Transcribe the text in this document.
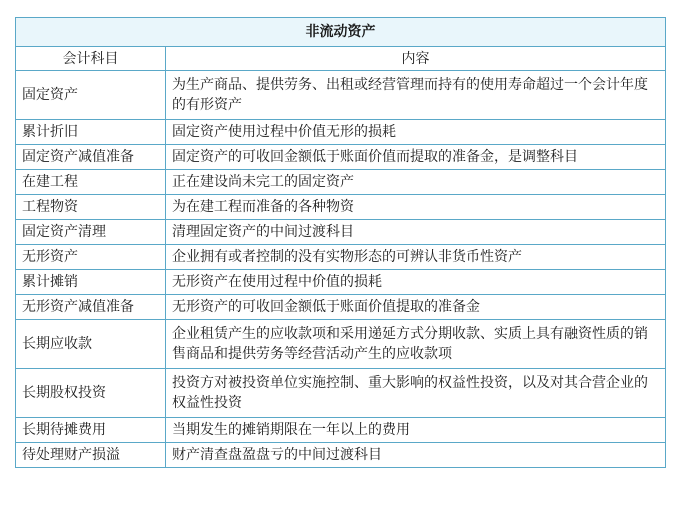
非流动资产	
会计科目	内容
固定资产	为生产商品、提供劳务、出租或经营管理而持有的使用寿命超过一个会计年度的有形资产
累计折旧	固定资产使用过程中价值无形的损耗
固定资产减值准备	固定资产的可收回金额低于账面价值而提取的准备金，是调整科目
在建工程	正在建设尚未完工的固定资产
工程物资	为在建工程而准备的各种物资
固定资产清理	清理固定资产的中间过渡科目
无形资产	企业拥有或者控制的没有实物形态的可辨认非货币性资产
累计摊销	无形资产在使用过程中价值的损耗
无形资产减值准备	无形资产的可收回金额低于账面价值提取的准备金
长期应收款	企业租赁产生的应收款项和采用递延方式分期收款、实质上具有融资性质的销售商品和提供劳务等经营活动产生的应收款项
长期股权投资	投资方对被投资单位实施控制、重大影响的权益性投资，以及对其合营企业的权益性投资
长期待摊费用	当期发生的摊销期限在一年以上的费用
待处理财产损溢	财产清查盘盈盘亏的中间过渡科目
